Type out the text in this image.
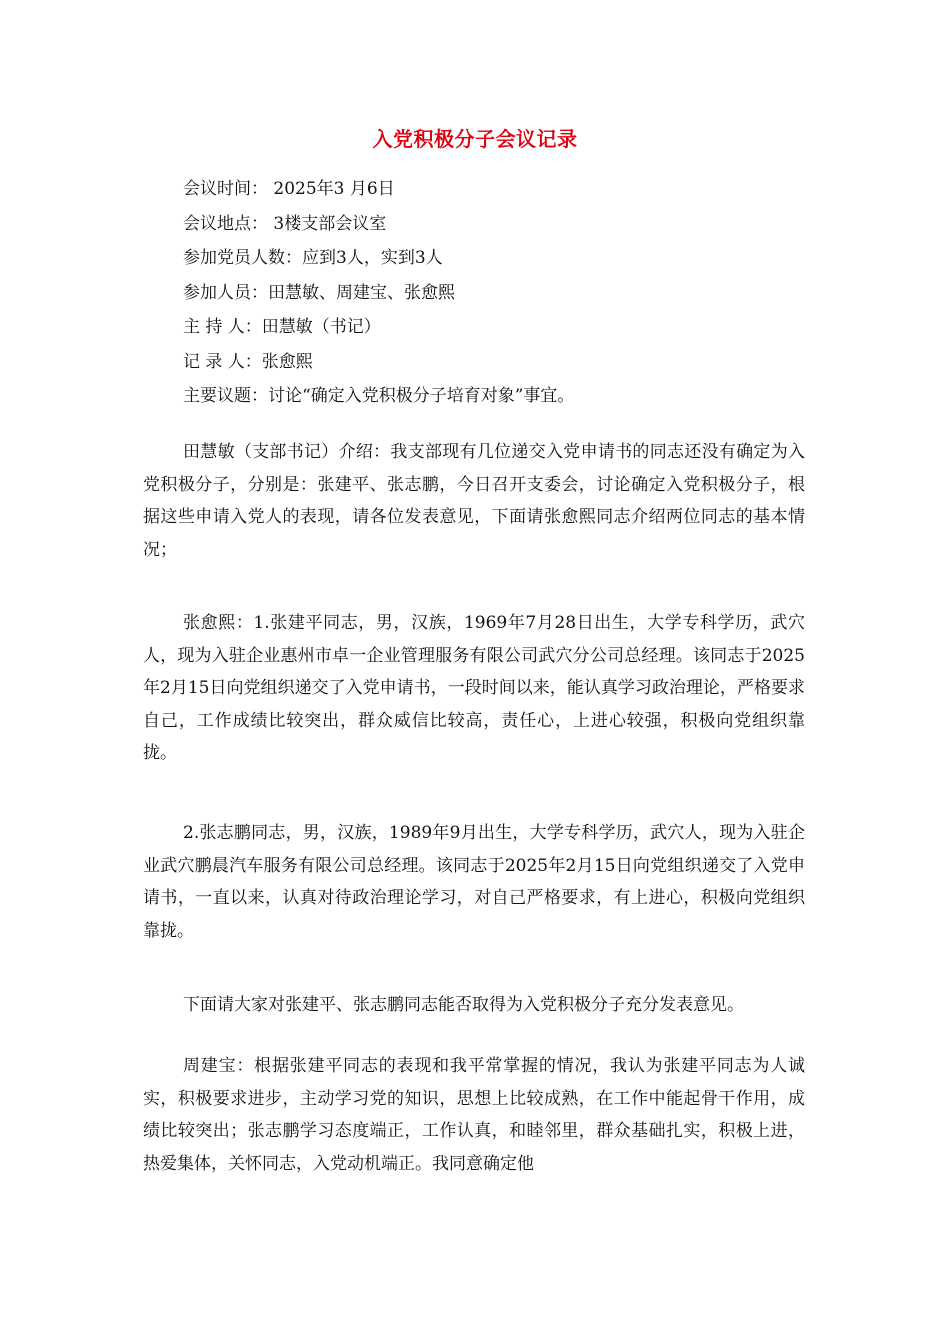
入党积极分子会议记录
会议时间： 2025年3 月6日
会议地点： 3楼支部会议室
参加党员人数：应到3人，实到3人
参加人员：田慧敏、周建宝、张愈熙
主 持 人：田慧敏（书记）
记 录 人：张愈熙
主要议题：讨论“确定入党积极分子培育对象”事宜。

田慧敏（支部书记）介绍：我支部现有几位递交入党申请书的同志还没有确定为入党积极分子，分别是：张建平、张志鹏，今日召开支委会，讨论确定入党积极分子，根据这些申请入党人的表现，请各位发表意见，下面请张愈熙同志介绍两位同志的基本情况；

张愈熙：1.张建平同志，男，汉族，1969年7月28日出生，大学专科学历，武穴人，现为入驻企业惠州市卓一企业管理服务有限公司武穴分公司总经理。该同志于2025年2月15日向党组织递交了入党申请书，一段时间以来，能认真学习政治理论，严格要求自己，工作成绩比较突出，群众威信比较高，责任心，上进心较强，积极向党组织靠拢。

2.张志鹏同志，男，汉族，1989年9月出生，大学专科学历，武穴人，现为入驻企业武穴鹏晨汽车服务有限公司总经理。该同志于2025年2月15日向党组织递交了入党申请书，一直以来，认真对待政治理论学习，对自己严格要求，有上进心，积极向党组织靠拢。

下面请大家对张建平、张志鹏同志能否取得为入党积极分子充分发表意见。

周建宝：根据张建平同志的表现和我平常掌握的情况，我认为张建平同志为人诚实，积极要求进步，主动学习党的知识，思想上比较成熟，在工作中能起骨干作用，成绩比较突出；张志鹏学习态度端正，工作认真，和睦邻里，群众基础扎实，积极上进，热爱集体，关怀同志，入党动机端正。我同意确定他
